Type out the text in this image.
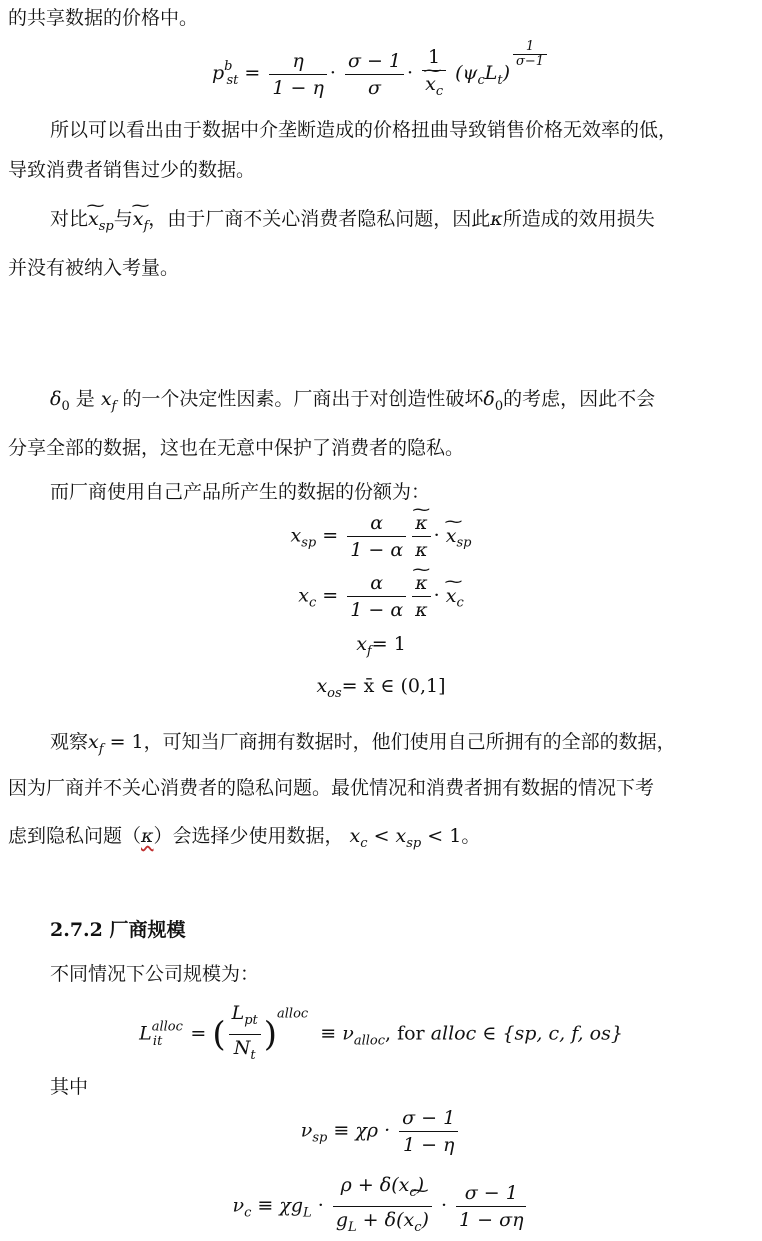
的共享数据的价格中。
$p^b_{st} = \frac{\eta}{1 - \eta} \cdot \frac{\sigma - 1}{\sigma} \cdot 1$
~ $x_c$ $(\psi_cL_t)$
$\frac{1}{\sigma-1}$
所以可以看出由于数据中介垄断造成的价格扭曲导致销售价格无效率的低，
导致消费者销售过少的数据。
对比~ $x_{sp}$与~ $x_f$，由于厂商不关心消费者隐私问题，因此κ所造成的效用损失
并没有被纳入考量。
$\delta_0$ 是 $x_f$ 的一个决定性因素。厂商出于对创造性破坏$\delta_0$的考虑，因此不会
分享全部的数据，这也在无意中保护了消费者的隐私。
而厂商使用自己产品所产生的数据的份额为：
$x_{sp} = \frac{\alpha}{1 - \alpha}$ ~ $\frac{\kappa}{\kappa}$ · ~ $x_{sp}$
$x_c = \frac{\alpha}{1 - \alpha}$ ~ $\frac{\kappa}{\kappa}$ · ~ $x_c$
$x_f= 1$
$x_{os}=$ x̄ ∈ (0,1]
观察$x_f = 1$，可知当厂商拥有数据时，他们使用自己所拥有的全部的数据，
因为厂商并不关心消费者的隐私问题。最优情况和消费者拥有数据的情况下考
虑到隐私问题（κ）会选择少使用数据， $x_c < x_{sp} < 1$。
2.7.2 厂商规模
不同情况下公司规模为：
$L^{alloc}_{it}$ = ( $\frac{L_{pt}}{N_t} )^{alloc} \equiv \nu_{alloc}$, for alloc ∈ {sp, c, f, os}
其中
$\nu_{sp} \equiv \chi\rho \cdot \frac{\sigma - 1}{1 - \eta}$
$\nu_c \equiv \chi g_L \cdot \frac{\rho + \delta(x_c)}{g_L + \delta(x_c)} \cdot \frac{\sigma - 1}{1 - \sigma\eta}$
